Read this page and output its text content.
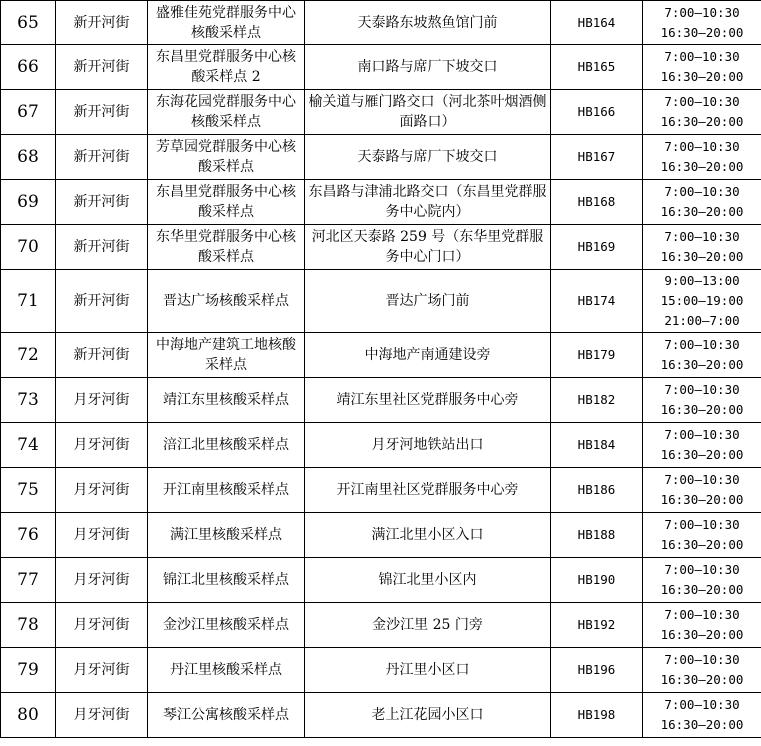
65	新开河街	盛雅佳苑党群服务中心核酸采样点	天泰路东坡熬鱼馆门前	HB164	7:00—10:30
16:30—20:00
66	新开河街	东昌里党群服务中心核酸采样点 2	南口路与席厂下坡交口	HB165	7:00—10:30
16:30—20:00
67	新开河街	东海花园党群服务中心核酸采样点	榆关道与雁门路交口（河北茶叶烟酒侧面路口）	HB166	7:00—10:30
16:30—20:00
68	新开河街	芳草园党群服务中心核酸采样点	天泰路与席厂下坡交口	HB167	7:00—10:30
16:30—20:00
69	新开河街	东昌里党群服务中心核酸采样点	东昌路与津浦北路交口（东昌里党群服务中心院内）	HB168	7:00—10:30
16:30—20:00
70	新开河街	东华里党群服务中心核酸采样点	河北区天泰路 259 号（东华里党群服务中心门口）	HB169	7:00—10:30
16:30—20:00
71	新开河街	晋达广场核酸采样点	晋达广场门前	HB174	9:00—13:00
15:00—19:00
21:00—7:00
72	新开河街	中海地产建筑工地核酸采样点	中海地产南通建设旁	HB179	7:00—10:30
16:30—20:00
73	月牙河街	靖江东里核酸采样点	靖江东里社区党群服务中心旁	HB182	7:00—10:30
16:30—20:00
74	月牙河街	涪江北里核酸采样点	月牙河地铁站出口	HB184	7:00—10:30
16:30—20:00
75	月牙河街	开江南里核酸采样点	开江南里社区党群服务中心旁	HB186	7:00—10:30
16:30—20:00
76	月牙河街	满江里核酸采样点	满江北里小区入口	HB188	7:00—10:30
16:30—20:00
77	月牙河街	锦江北里核酸采样点	锦江北里小区内	HB190	7:00—10:30
16:30—20:00
78	月牙河街	金沙江里核酸采样点	金沙江里 25 门旁	HB192	7:00—10:30
16:30—20:00
79	月牙河街	丹江里核酸采样点	丹江里小区口	HB196	7:00—10:30
16:30—20:00
80	月牙河街	琴江公寓核酸采样点	老上江花园小区口	HB198	7:00—10:30
16:30—20:00
